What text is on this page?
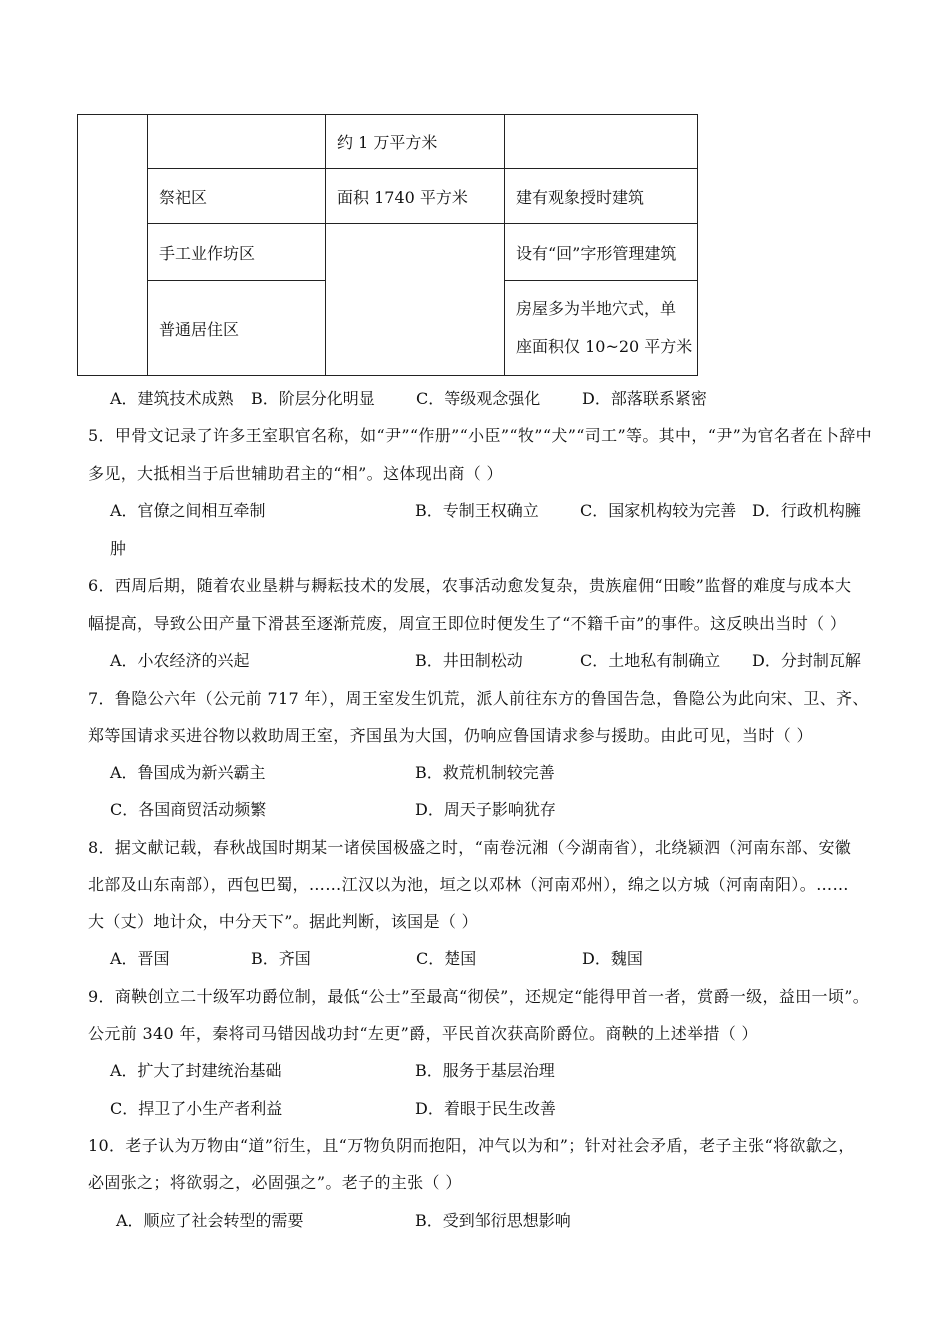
		约 1 万平方米	
	祭祀区	面积 1740 平方米	建有观象授时建筑
	手工业作坊区		设有“回”字形管理建筑
	普通居住区		房屋多为半地穴式，单
座面积仅 10~20 平方米
A．建筑技术成熟 B．阶层分化明显	C．等级观念强化	D．部落联系紧密
5．甲骨文记录了许多王室职官名称，如“尹”“作册”“小臣”“牧”“犬”“司工”等。其中，“尹”为官名者在卜辞中
多见，大抵相当于后世辅助君主的“相”。这体现出商（ ）
A．官僚之间相互牵制	B．专制王权确立	C．国家机构较为完善 D．行政机构臃
肿
6．西周后期，随着农业垦耕与耨耘技术的发展，农事活动愈发复杂，贵族雇佣“田畯”监督的难度与成本大
幅提高，导致公田产量下滑甚至逐渐荒废，周宣王即位时便发生了“不籍千亩”的事件。这反映出当时（ ）
A．小农经济的兴起	B．井田制松动	C．土地私有制确立 D．分封制瓦解
7．鲁隐公六年（公元前 717 年），周王室发生饥荒，派人前往东方的鲁国告急，鲁隐公为此向宋、卫、齐、
郑等国请求买进谷物以救助周王室，齐国虽为大国，仍响应鲁国请求参与援助。由此可见，当时（ ）
A．鲁国成为新兴霸主	B．救荒机制较完善
C．各国商贸活动频繁	D．周天子影响犹存
8．据文献记载，春秋战国时期某一诸侯国极盛之时，“南卷沅湘（今湖南省），北绕颍泗（河南东部、安徽
北部及山东南部），西包巴蜀，……江汉以为池，垣之以邓林（河南邓州），绵之以方城（河南南阳）。……
大（丈）地计众，中分天下”。据此判断，该国是（ ）
A．晋国	B．齐国	C．楚国	D．魏国
9．商鞅创立二十级军功爵位制，最低“公士”至最高“彻侯”，还规定“能得甲首一者，赏爵一级，益田一顷”。
公元前 340 年，秦将司马错因战功封“左更”爵，平民首次获高阶爵位。商鞅的上述举措（ ）
A．扩大了封建统治基础	B．服务于基层治理
C．捍卫了小生产者利益	D．着眼于民生改善
10．老子认为万物由“道”衍生，且“万物负阴而抱阳，冲气以为和”；针对社会矛盾，老子主张“将欲歙之，
必固张之；将欲弱之，必固强之”。老子的主张（ ）
A．顺应了社会转型的需要	B．受到邹衍思想影响
